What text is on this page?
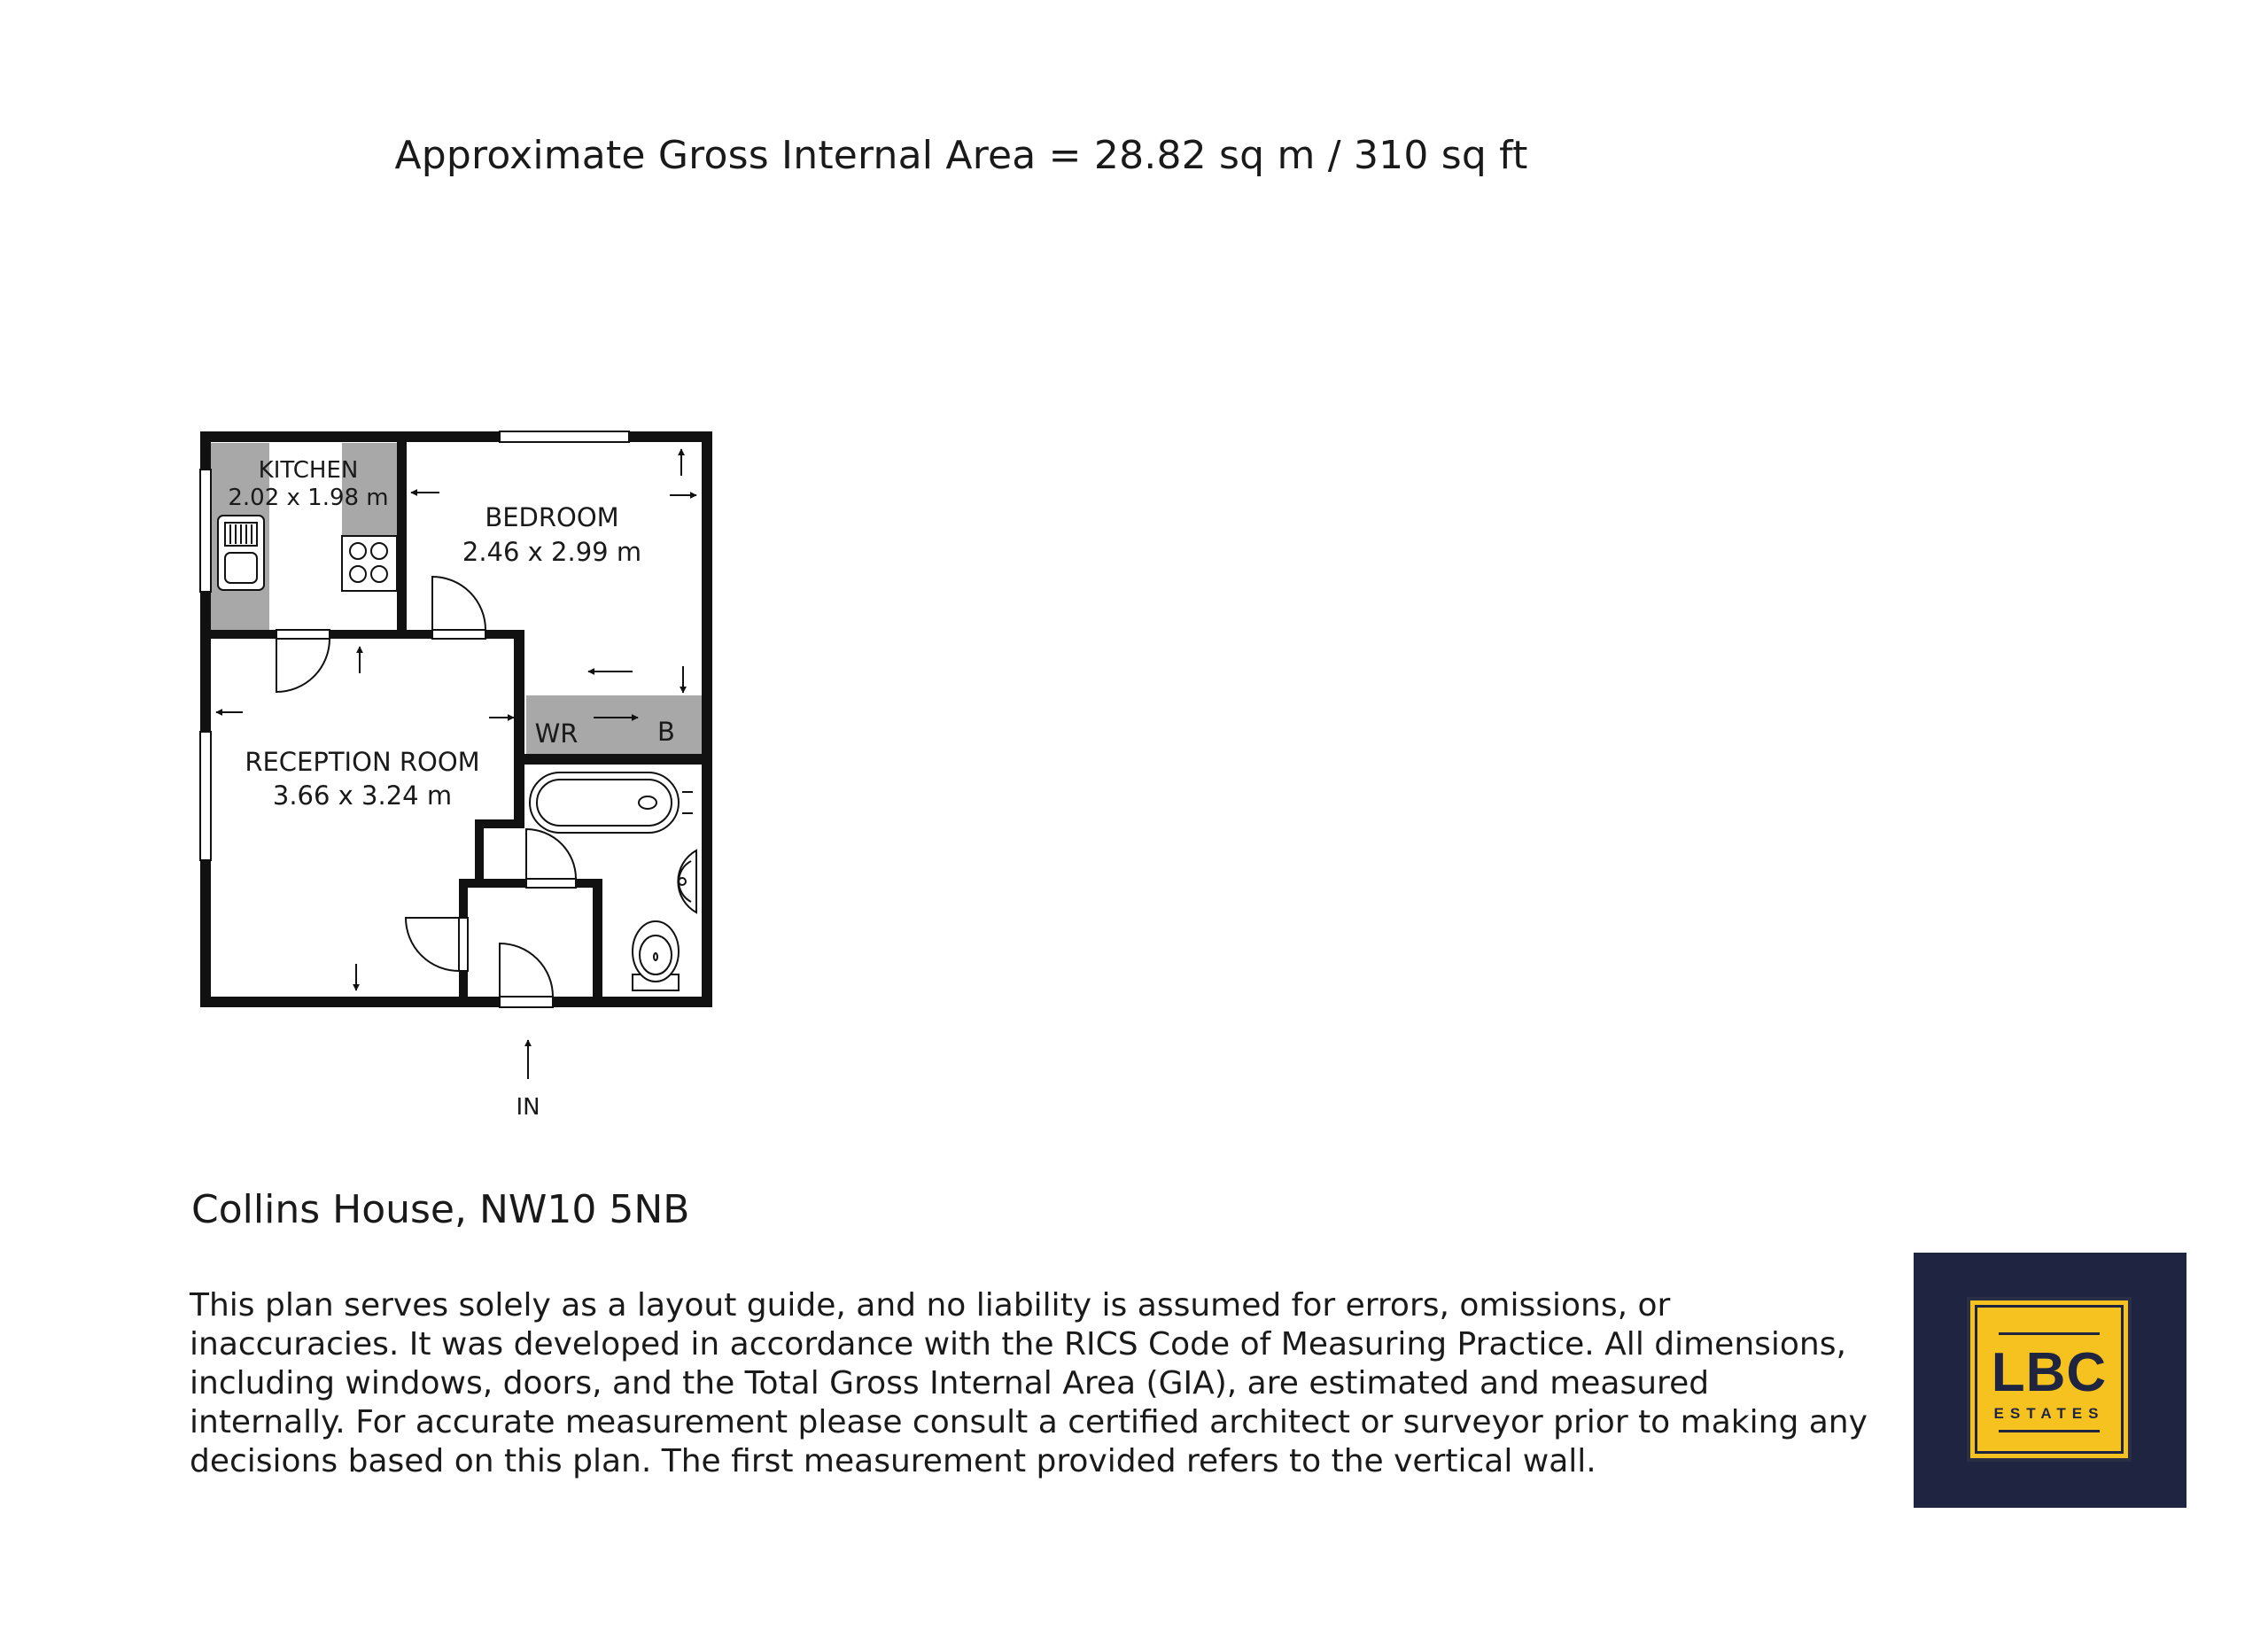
Approximate Gross Internal Area = 28.82 sq m / 310 sq ft
KITCHEN
2.02 x 1.98 m
BEDROOM
2.46 x 2.99 m
WR	B
RECEPTION ROOM
3.66 x 3.24 m
IN
Collins House, NW10 5NB
This plan serves solely as a layout guide, and no liability is assumed for errors, omissions, or inaccuracies. It was developed in accordance with the RICS Code of Measuring Practice. All dimensions, including windows, doors, and the Total Gross Internal Area (GIA), are estimated and measured internally. For accurate measurement please consult a certified architect or surveyor prior to making any decisions based on this plan. The first measurement provided refers to the vertical wall.
LBC
ESTATES
